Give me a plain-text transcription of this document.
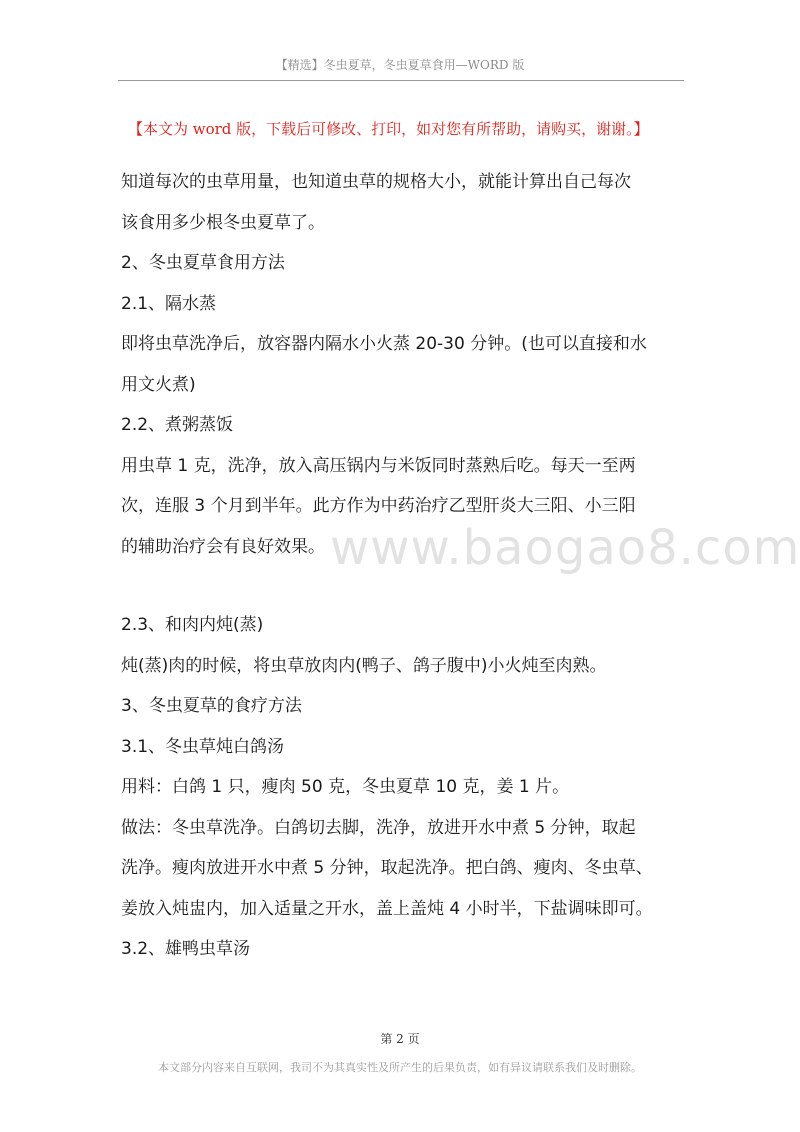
【精选】冬虫夏草，冬虫夏草食用—WORD 版
【本文为 word 版，下载后可修改、打印，如对您有所帮助，请购买，谢谢。】
www.baogao8.com

知道每次的虫草用量，也知道虫草的规格大小，就能计算出自己每次

该食用多少根冬虫夏草了。

2、冬虫夏草食用方法

2.1、隔水蒸

即将虫草洗净后，放容器内隔水小火蒸 20-30 分钟。(也可以直接和水

用文火煮)

2.2、煮粥蒸饭

用虫草 1 克，洗净，放入高压锅内与米饭同时蒸熟后吃。每天一至两

次，连服 3 个月到半年。此方作为中药治疗乙型肝炎大三阳、小三阳

的辅助治疗会有良好效果。

2.3、和肉内炖(蒸)

炖(蒸)肉的时候，将虫草放肉内(鸭子、鸽子腹中)小火炖至肉熟。

3、冬虫夏草的食疗方法

3.1、冬虫草炖白鸽汤

用料：白鸽 1 只，瘦肉 50 克，冬虫夏草 10 克，姜 1 片。

做法：冬虫草洗净。白鸽切去脚，洗净，放进开水中煮 5 分钟，取起

洗净。瘦肉放进开水中煮 5 分钟，取起洗净。把白鸽、瘦肉、冬虫草、

姜放入炖盅内，加入适量之开水，盖上盖炖 4 小时半，下盐调味即可。

3.2、雄鸭虫草汤

第 2 页
本文部分内容来自互联网，我司不为其真实性及所产生的后果负责，如有异议请联系我们及时删除。
